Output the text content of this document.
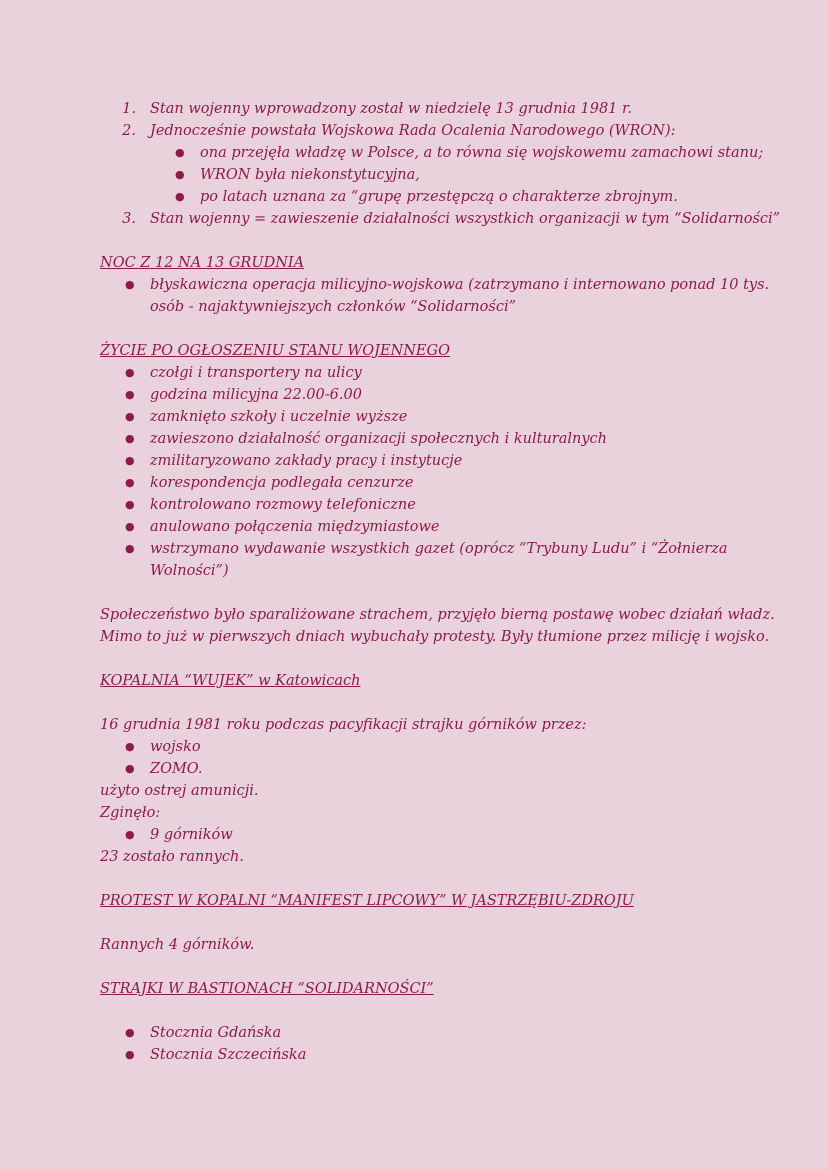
1. Stan wojenny wprowadzony został w niedzielę 13 grudnia 1981 r.
2. Jednocześnie powstała Wojskowa Rada Ocalenia Narodowego (WRON):
● ona przejęła władzę w Polsce, a to równa się wojskowemu zamachowi stanu;
● WRON była niekonstytucyjna,
● po latach uznana za “grupę przestępczą o charakterze zbrojnym.
3. Stan wojenny = zawieszenie działalności wszystkich organizacji w tym “Solidarności”
NOC Z 12 NA 13 GRUDNIA
● błyskawiczna operacja milicyjno-wojskowa (zatrzymano i internowano ponad 10 tys.
osób - najaktywniejszych członków “Solidarności”
ŻYCIE PO OGŁOSZENIU STANU WOJENNEGO
● czołgi i transportery na ulicy
● godzina milicyjna 22.00-6.00
● zamknięto szkoły i uczelnie wyższe
● zawieszono działalność organizacji społecznych i kulturalnych
● zmilitaryzowano zakłady pracy i instytucje
● korespondencja podlegała cenzurze
● kontrolowano rozmowy telefoniczne
● anulowano połączenia międzymiastowe
● wstrzymano wydawanie wszystkich gazet (oprócz “Trybuny Ludu” i “Żołnierza
Wolności”)
Społeczeństwo było sparaliżowane strachem, przyjęło bierną postawę wobec działań władz.
Mimo to już w pierwszych dniach wybuchały protesty. Były tłumione przez milicję i wojsko.
KOPALNIA “WUJEK” w Katowicach
16 grudnia 1981 roku podczas pacyfikacji strajku górników przez:
● wojsko
● ZOMO.
użyto ostrej amunicji.
Zginęło:
● 9 górników
23 zostało rannych.
PROTEST W KOPALNI “MANIFEST LIPCOWY” W JASTRZĘBIU-ZDROJU
Rannych 4 górników.
STRAJKI W BASTIONACH “SOLIDARNOŚCI”
● Stocznia Gdańska
● Stocznia Szczecińska
